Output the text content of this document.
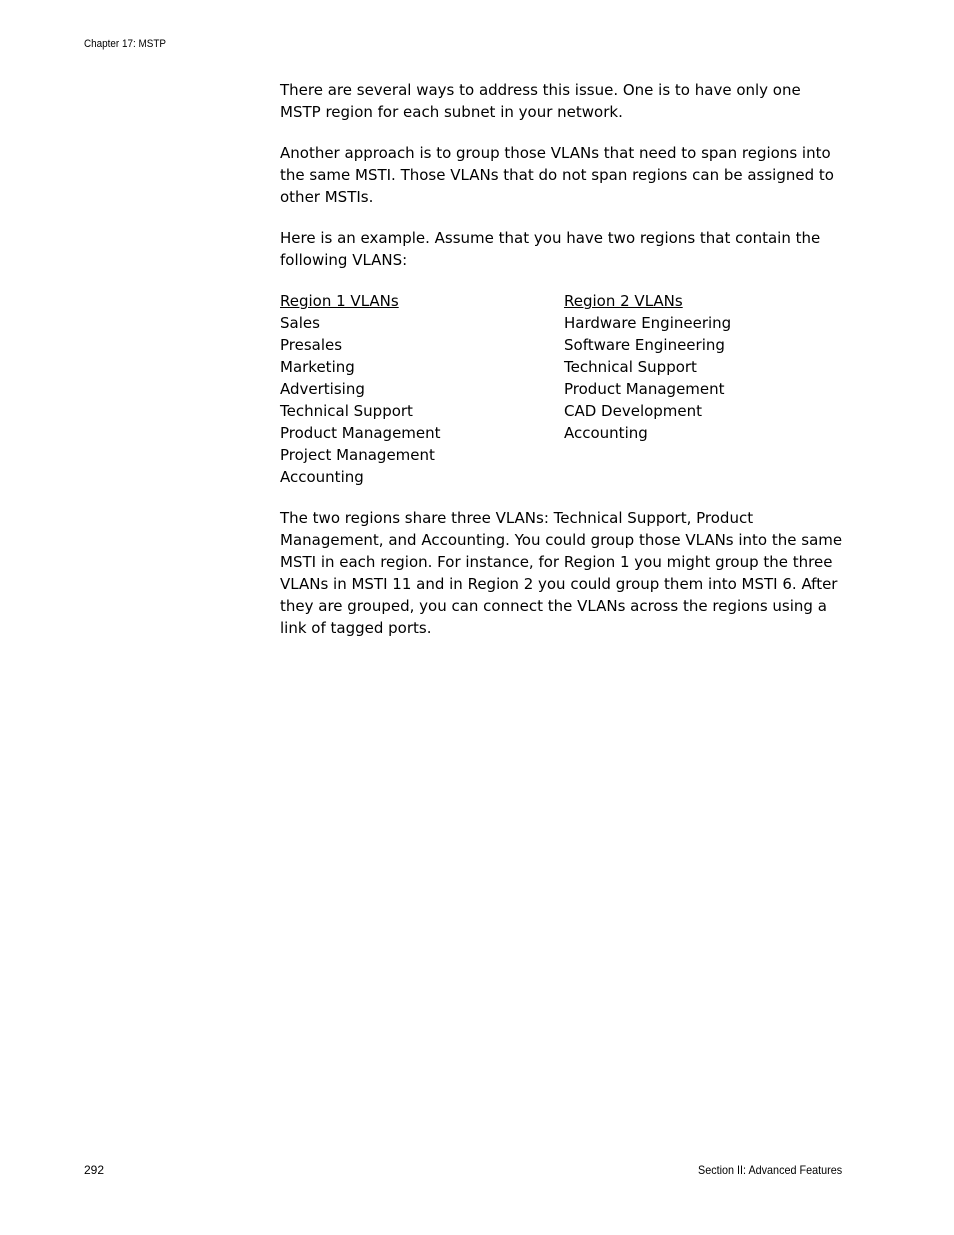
Chapter 17: MSTP

There are several ways to address this issue. One is to have only one MSTP region for each subnet in your network.

Another approach is to group those VLANs that need to span regions into the same MSTI. Those VLANs that do not span regions can be assigned to other MSTIs.

Here is an example. Assume that you have two regions that contain the following VLANS:

Region 1 VLANs
Sales
Presales
Marketing
Advertising
Technical Support
Product Management
Project Management
Accounting
Region 2 VLANs
Hardware Engineering
Software Engineering
Technical Support
Product Management
CAD Development
Accounting

The two regions share three VLANs: Technical Support, Product Management, and Accounting. You could group those VLANs into the same MSTI in each region. For instance, for Region 1 you might group the three VLANs in MSTI 11 and in Region 2 you could group them into MSTI 6. After they are grouped, you can connect the VLANs across the regions using a link of tagged ports.

292	Section II: Advanced Features
